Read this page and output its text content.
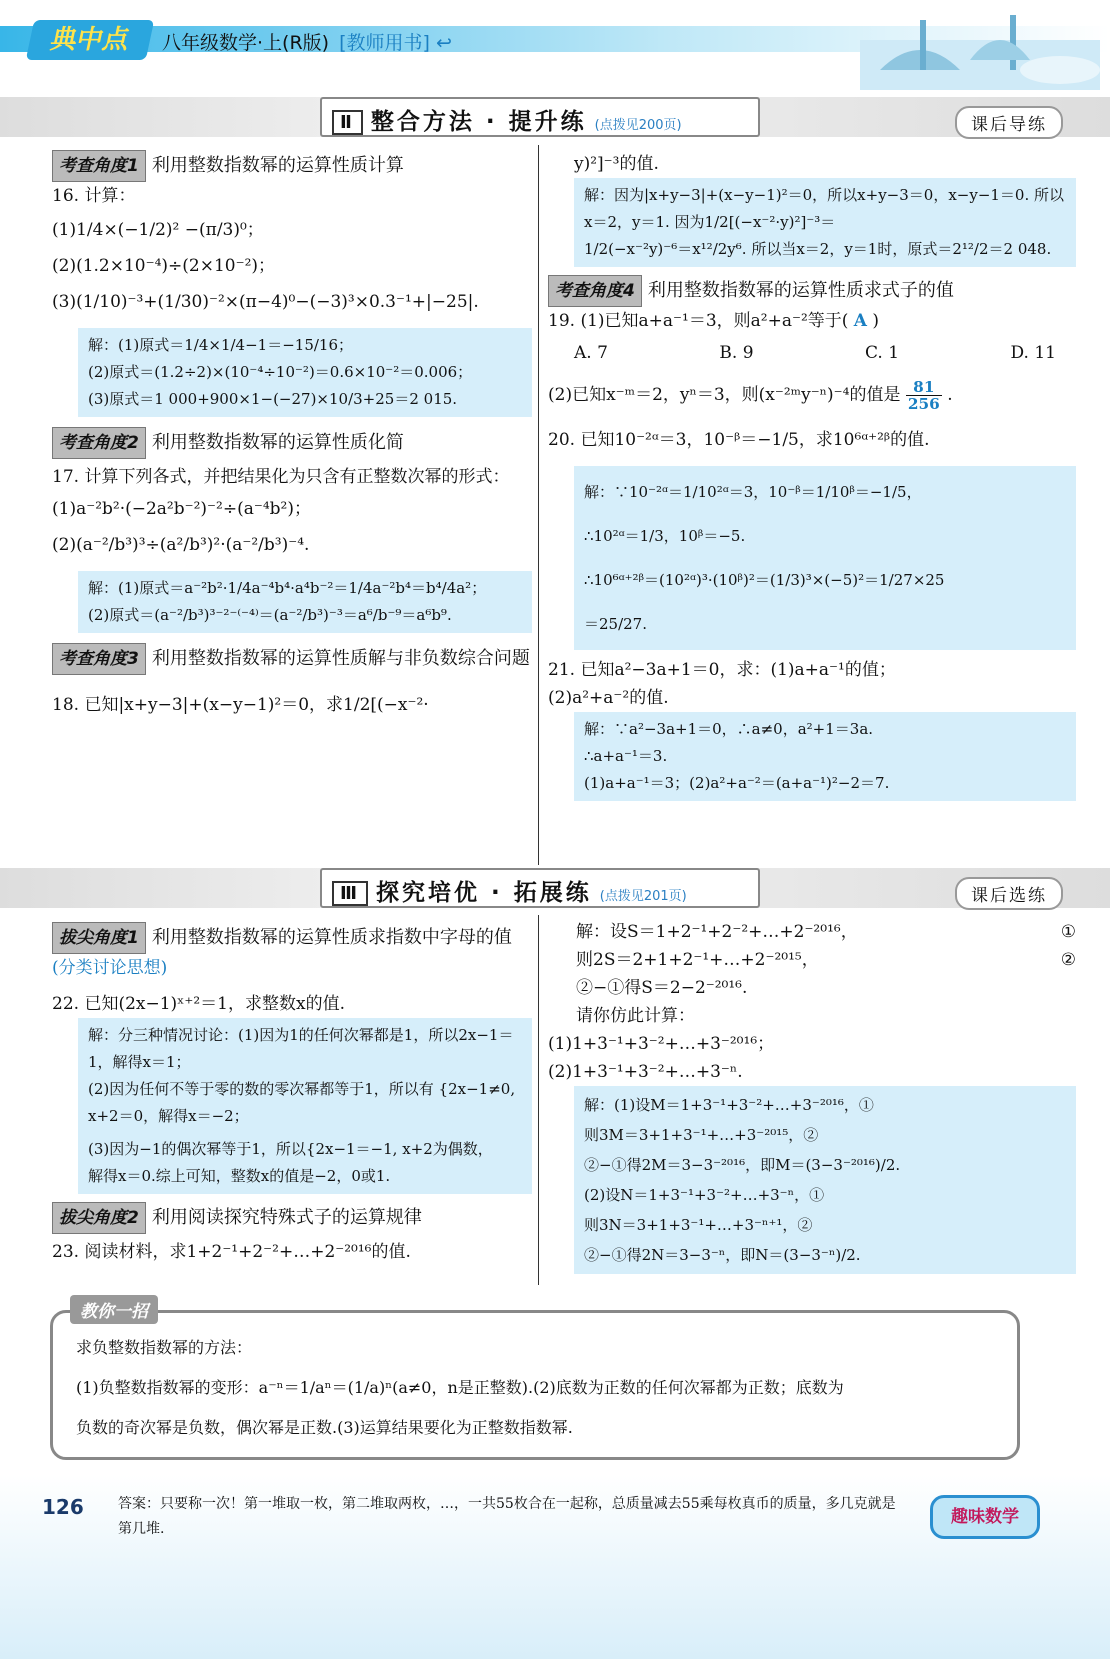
典中点	八年级数学·上(R版) [教师用书] ↩
Ⅱ 整合方法 · 提升练 (点拨见200页)	课后导练
考查角度1 利用整数指数幂的运算性质计算
16. 计算：
(1)1/4×(−1/2)² −(π/3)⁰；
(2)(1.2×10⁻⁴)÷(2×10⁻²)；
(3)(1/10)⁻³+(1/30)⁻²×(π−4)⁰−(−3)³×0.3⁻¹+|−25|.
解：(1)原式＝1/4×1/4−1＝−15/16；
(2)原式＝(1.2÷2)×(10⁻⁴÷10⁻²)＝0.6×10⁻²＝0.006；
(3)原式＝1 000+900×1−(−27)×10/3+25＝2 015.
考查角度2 利用整数指数幂的运算性质化简
17. 计算下列各式，并把结果化为只含有正整数次幂的形式：
(1)a⁻²b²·(−2a²b⁻²)⁻²÷(a⁻⁴b²)；
(2)(a⁻²/b³)³÷(a²/b³)²·(a⁻²/b³)⁻⁴.
解：(1)原式＝a⁻²b²·1/4a⁻⁴b⁴·a⁴b⁻²＝1/4a⁻²b⁴＝b⁴/4a²；
(2)原式＝(a⁻²/b³)³⁻²⁻⁽⁻⁴⁾＝(a⁻²/b³)⁻³＝a⁶/b⁻⁹＝a⁶b⁹.
考查角度3 利用整数指数幂的运算性质解与非负数综合问题
18. 已知|x+y−3|+(x−y−1)²＝0，求1/2[(−x⁻²·
y)²]⁻³的值.
解：因为|x+y−3|+(x−y−1)²＝0，所以x+y−3＝0，x−y−1＝0. 所以x＝2，y＝1. 因为1/2[(−x⁻²·y)²]⁻³＝
1/2(−x⁻²y)⁻⁶＝x¹²/2y⁶. 所以当x＝2，y＝1时，原式＝2¹²/2＝2 048.
考查角度4 利用整数指数幂的运算性质求式子的值
19. (1)已知a+a⁻¹＝3，则a²+a⁻²等于( A )
A. 7	B. 9	C. 1	D. 11
(2)已知x⁻ᵐ＝2，yⁿ＝3，则(x⁻²ᵐy⁻ⁿ)⁻⁴的值是 $\frac{81}{256}$ .
20. 已知10⁻²ᵅ＝3，10⁻ᵝ＝−1/5，求10⁶ᵅ⁺²ᵝ的值.
解：∵10⁻²ᵅ＝1/10²ᵅ＝3，10⁻ᵝ＝1/10ᵝ＝−1/5，
∴10²ᵅ＝1/3，10ᵝ＝−5.
∴10⁶ᵅ⁺²ᵝ＝(10²ᵅ)³·(10ᵝ)²＝(1/3)³×(−5)²＝1/27×25
＝25/27.
21. 已知a²−3a+1＝0，求：(1)a+a⁻¹的值；
(2)a²+a⁻²的值.
解：∵a²−3a+1＝0，∴a≠0，a²+1＝3a.
∴a+a⁻¹＝3.
(1)a+a⁻¹＝3；(2)a²+a⁻²＝(a+a⁻¹)²−2＝7.
Ⅲ 探究培优 · 拓展练 (点拨见201页)	课后选练
拔尖角度1 利用整数指数幂的运算性质求指数中字母的值(分类讨论思想)
22. 已知(2x−1)ˣ⁺²＝1，求整数x的值.
解：分三种情况讨论：(1)因为1的任何次幂都是1，所以2x−1＝1，解得x＝1；
(2)因为任何不等于零的数的零次幂都等于1，所以有 {2x−1≠0, x+2＝0，解得x＝−2；
(3)因为−1的偶次幂等于1，所以{2x−1＝−1, x+2为偶数，
解得x＝0.综上可知，整数x的值是−2，0或1.
拔尖角度2 利用阅读探究特殊式子的运算规律
23. 阅读材料，求1+2⁻¹+2⁻²+…+2⁻²⁰¹⁶的值.
解：设S＝1+2⁻¹+2⁻²+…+2⁻²⁰¹⁶，	①
则2S＝2+1+2⁻¹+…+2⁻²⁰¹⁵，	②
②−①得S＝2−2⁻²⁰¹⁶.
请你仿此计算：
(1)1+3⁻¹+3⁻²+…+3⁻²⁰¹⁶；
(2)1+3⁻¹+3⁻²+…+3⁻ⁿ.
解：(1)设M＝1+3⁻¹+3⁻²+…+3⁻²⁰¹⁶，①
则3M＝3+1+3⁻¹+…+3⁻²⁰¹⁵，②
②−①得2M＝3−3⁻²⁰¹⁶，即M＝(3−3⁻²⁰¹⁶)/2.
(2)设N＝1+3⁻¹+3⁻²+…+3⁻ⁿ，①
则3N＝3+1+3⁻¹+…+3⁻ⁿ⁺¹，②
②−①得2N＝3−3⁻ⁿ，即N＝(3−3⁻ⁿ)/2.
教你一招
求负整数指数幂的方法：
(1)负整数指数幂的变形：a⁻ⁿ＝1/aⁿ＝(1/a)ⁿ(a≠0，n是正整数).(2)底数为正数的任何次幂都为正数；底数为
负数的奇次幂是负数，偶次幂是正数.(3)运算结果要化为正整数指数幂.
126 答案：只要称一次！第一堆取一枚，第二堆取两枚，…，一共55枚合在一起称，总质量减去55乘每枚真币的质量，多几克就是第几堆.
趣味数学
